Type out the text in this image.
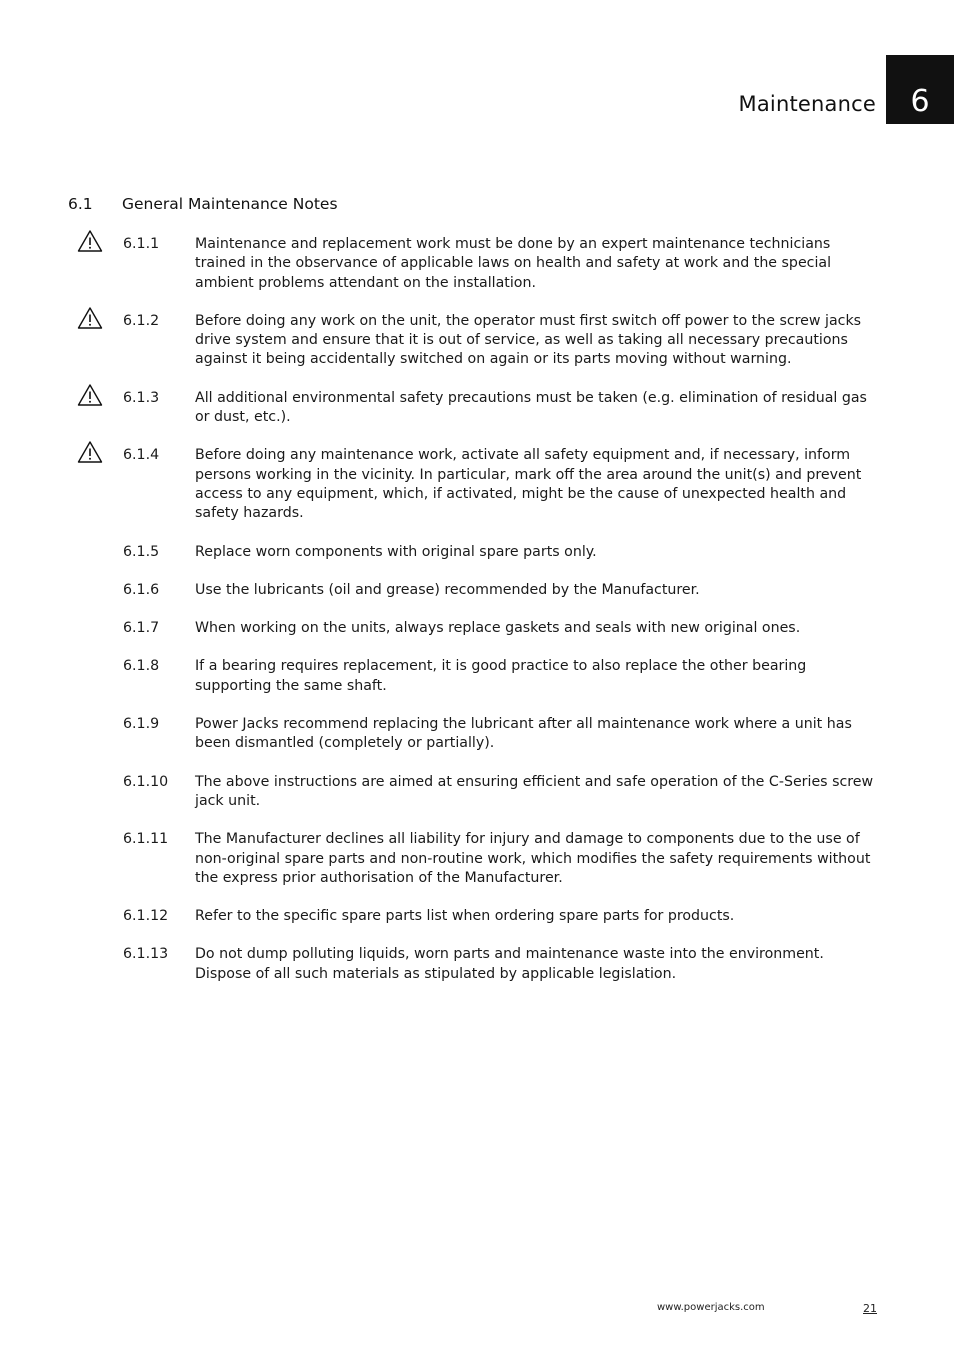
Maintenance	6
6.1 General Maintenance Notes
6.1.1	Maintenance and replacement work must be done by an expert maintenance technicians trained in the observance of applicable laws on health and safety at work and the special ambient problems attendant on the installation.
6.1.2	Before doing any work on the unit, the operator must first switch off power to the screw jacks drive system and ensure that it is out of service, as well as taking all necessary precautions against it being accidentally switched on again or its parts moving without warning.
6.1.3	All additional environmental safety precautions must be taken (e.g. elimination of residual gas or dust, etc.).
6.1.4	Before doing any maintenance work, activate all safety equipment and, if necessary, inform persons working in the vicinity. In particular, mark off the area around the unit(s) and prevent access to any equipment, which, if activated, might be the cause of unexpected health and safety hazards.
6.1.5	Replace worn components with original spare parts only.
6.1.6	Use the lubricants (oil and grease) recommended by the Manufacturer.
6.1.7	When working on the units, always replace gaskets and seals with new original ones.
6.1.8	If a bearing requires replacement, it is good practice to also replace the other bearing supporting the same shaft.
6.1.9	Power Jacks recommend replacing the lubricant after all maintenance work where a unit has been dismantled (completely or partially).
6.1.10 The above instructions are aimed at ensuring efficient and safe operation of the C-Series screw jack unit.
6.1.11 The Manufacturer declines all liability for injury and damage to components due to the use of non-original spare parts and non-routine work, which modifies the safety requirements without the express prior authorisation of the Manufacturer.
6.1.12 Refer to the specific spare parts list when ordering spare parts for products.
6.1.13 Do not dump polluting liquids, worn parts and maintenance waste into the environment. Dispose of all such materials as stipulated by applicable legislation.
www.powerjacks.com	21
